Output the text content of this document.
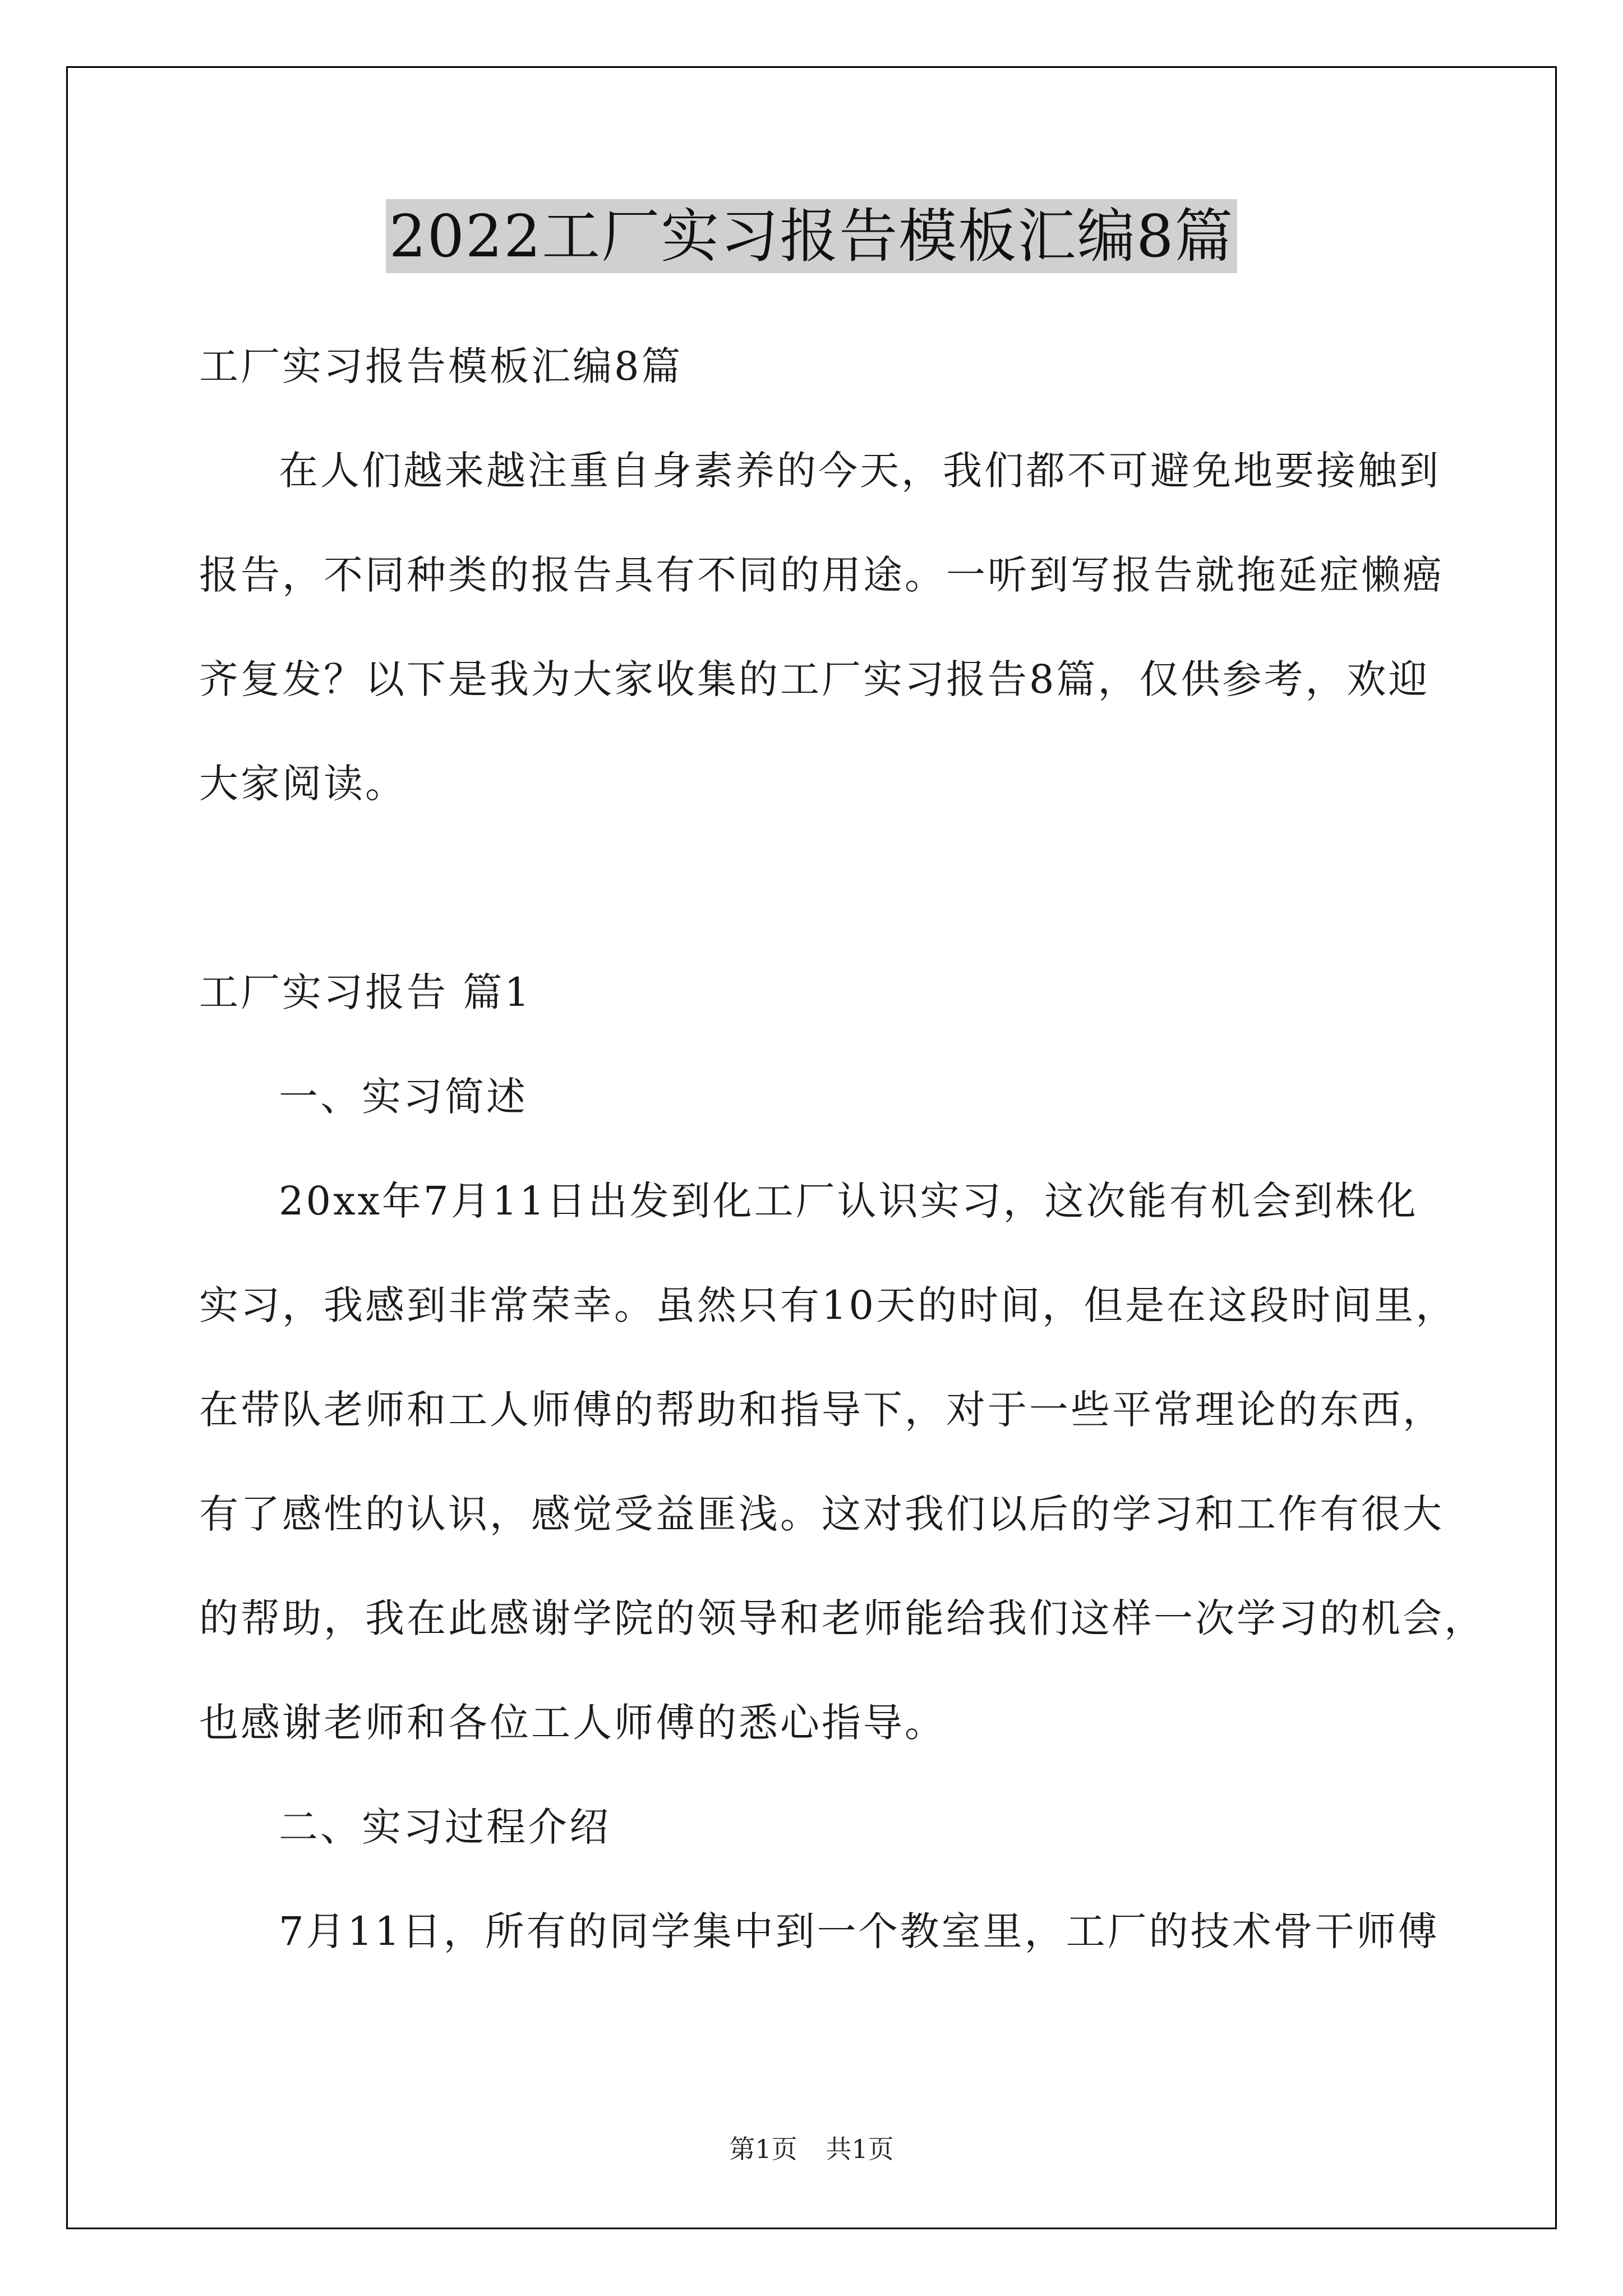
2022工厂实习报告模板汇编8篇
工厂实习报告模板汇编8篇
在人们越来越注重自身素养的今天，我们都不可避免地要接触到
报告，不同种类的报告具有不同的用途。一听到写报告就拖延症懒癌
齐复发？以下是我为大家收集的工厂实习报告8篇，仅供参考，欢迎
大家阅读。
工厂实习报告 篇1
一、实习简述
20xx年7月11日出发到化工厂认识实习，这次能有机会到株化
实习，我感到非常荣幸。虽然只有10天的时间，但是在这段时间里，
在带队老师和工人师傅的帮助和指导下，对于一些平常理论的东西，
有了感性的认识，感觉受益匪浅。这对我们以后的学习和工作有很大
的帮助，我在此感谢学院的领导和老师能给我们这样一次学习的机会，
也感谢老师和各位工人师傅的悉心指导。
二、实习过程介绍
7月11日，所有的同学集中到一个教室里，工厂的技术骨干师傅
第1页 共1页
